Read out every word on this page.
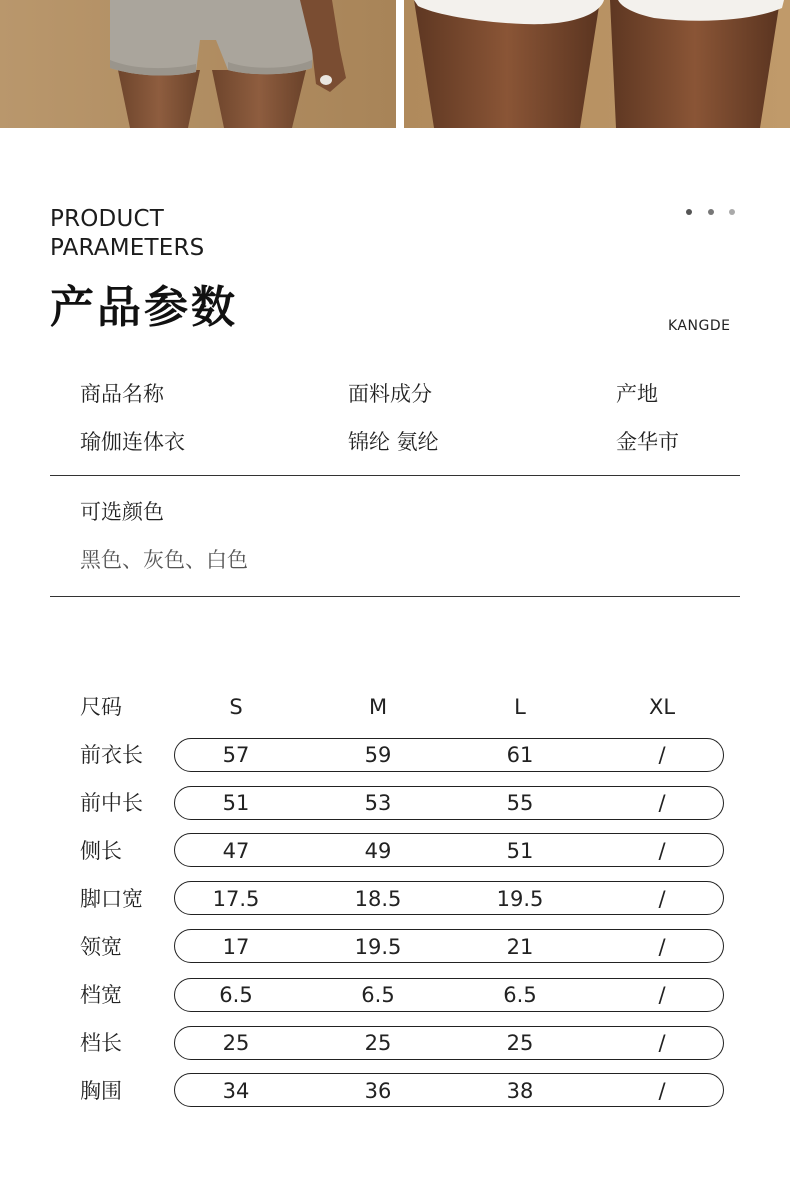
PRODUCT
PARAMETERS
产品参数	KANGDE
商品名称	面料成分	产地
瑜伽连体衣	锦纶 氨纶	金华市
可选颜色
黑色、灰色、白色
尺码	S	M	L	XL
前衣长	57	59	61	/
前中长	51	53	55	/
侧长	47	49	51	/
脚口宽	17.5	18.5	19.5	/
领宽	17	19.5	21	/
档宽	6.5	6.5	6.5	/
档长	25	25	25	/
胸围	34	36	38	/
